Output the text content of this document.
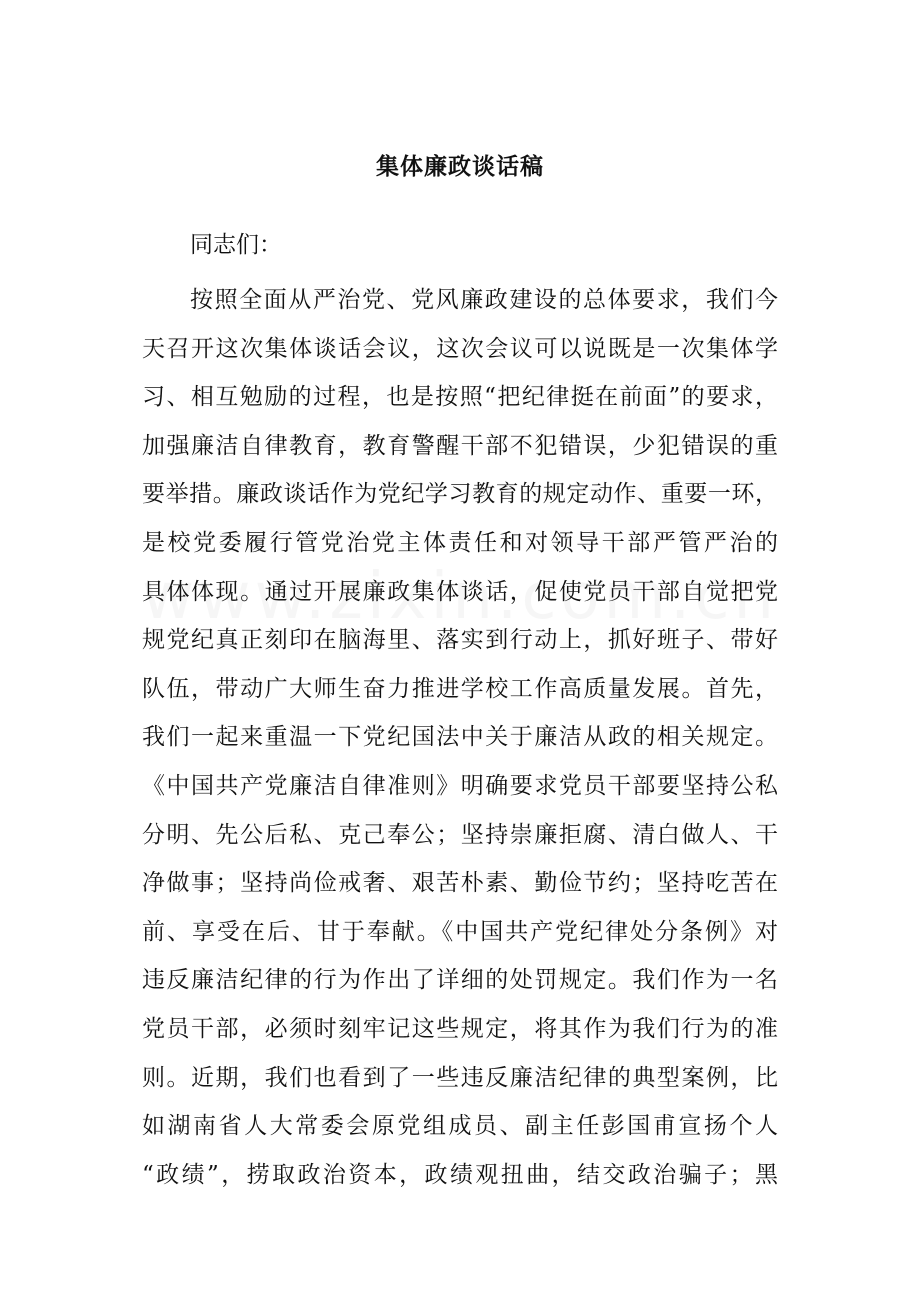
集体廉政谈话稿
同志们：
按照全面从严治党、党风廉政建设的总体要求，我们今
天召开这次集体谈话会议，这次会议可以说既是一次集体学
习、相互勉励的过程，也是按照“把纪律挺在前面”的要求，
加强廉洁自律教育，教育警醒干部不犯错误，少犯错误的重
要举措。廉政谈话作为党纪学习教育的规定动作、重要一环，
是校党委履行管党治党主体责任和对领导干部严管严治的
具体体现。通过开展廉政集体谈话，促使党员干部自觉把党
规党纪真正刻印在脑海里、落实到行动上，抓好班子、带好
队伍，带动广大师生奋力推进学校工作高质量发展。首先，
我们一起来重温一下党纪国法中关于廉洁从政的相关规定。
《中国共产党廉洁自律准则》明确要求党员干部要坚持公私
分明、先公后私、克己奉公；坚持崇廉拒腐、清白做人、干
净做事；坚持尚俭戒奢、艰苦朴素、勤俭节约；坚持吃苦在
前、享受在后、甘于奉献。《中国共产党纪律处分条例》对
违反廉洁纪律的行为作出了详细的处罚规定。我们作为一名
党员干部，必须时刻牢记这些规定，将其作为我们行为的准
则。近期，我们也看到了一些违反廉洁纪律的典型案例，比
如湖南省人大常委会原党组成员、副主任彭国甫宣扬个人
“政绩”，捞取政治资本，政绩观扭曲，结交政治骗子；黑
